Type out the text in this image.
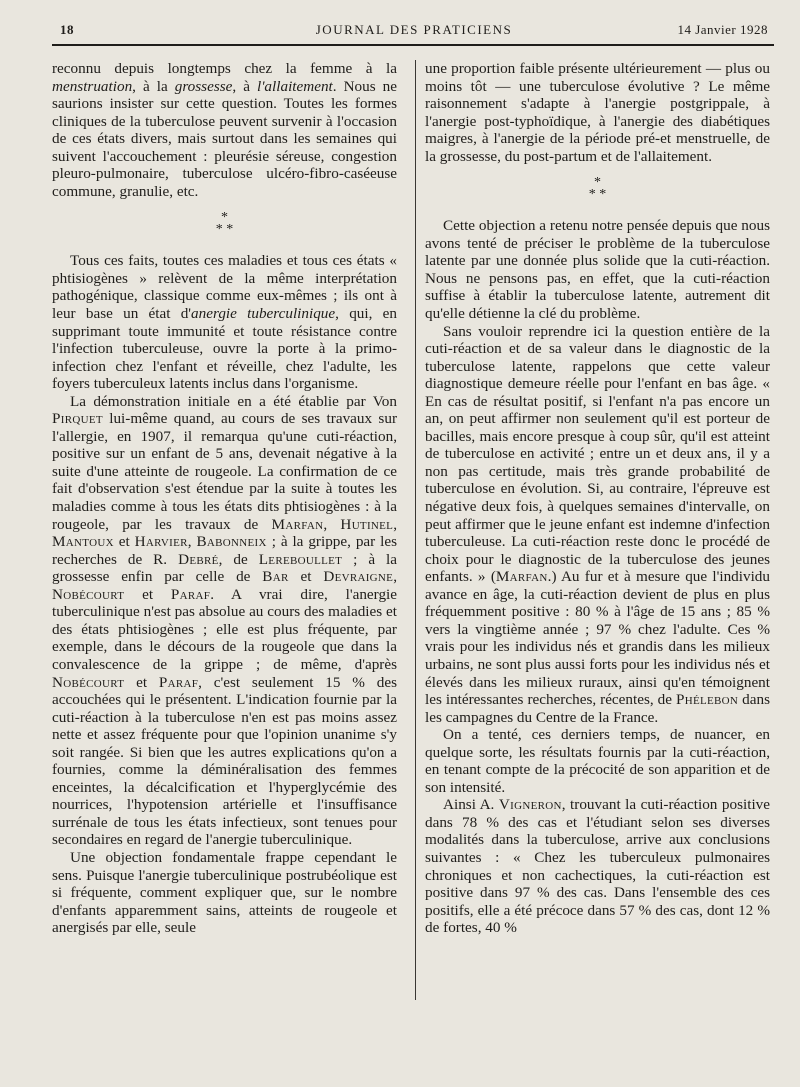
18	JOURNAL DES PRATICIENS	14 Janvier 1928

reconnu depuis longtemps chez la femme à la menstruation, à la grossesse, à l'allaitement. Nous ne saurions insister sur cette question. Toutes les formes cliniques de la tuberculose peuvent survenir à l'occasion de ces états divers, mais surtout dans les semaines qui suivent l'accouchement : pleurésie séreuse, congestion pleuro-pulmonaire, tuberculose ulcéro-fibro-caséeuse commune, granulie, etc.

*
* *

Tous ces faits, toutes ces maladies et tous ces états « phtisiogènes » relèvent de la même interprétation pathogénique, classique comme eux-mêmes ; ils ont à leur base un état d'anergie tuberculinique, qui, en supprimant toute immunité et toute résistance contre l'infection tuberculeuse, ouvre la porte à la primo-infection chez l'enfant et réveille, chez l'adulte, les foyers tuberculeux latents inclus dans l'organisme.

La démonstration initiale en a été établie par Von Pirquet lui-même quand, au cours de ses travaux sur l'allergie, en 1907, il remarqua qu'une cuti-réaction, positive sur un enfant de 5 ans, devenait négative à la suite d'une atteinte de rougeole. La confirmation de ce fait d'observation s'est étendue par la suite à toutes les maladies comme à tous les états dits phtisiogènes : à la rougeole, par les travaux de Marfan, Hutinel, Mantoux et Harvier, Babonneix ; à la grippe, par les recherches de R. Debré, de Lereboullet ; à la grossesse enfin par celle de Bar et Devraigne, Nobécourt et Paraf. A vrai dire, l'anergie tuberculinique n'est pas absolue au cours des maladies et des états phtisiogènes ; elle est plus fréquente, par exemple, dans le décours de la rougeole que dans la convalescence de la grippe ; de même, d'après Nobécourt et Paraf, c'est seulement 15 % des accouchées qui le présentent. L'indication fournie par la cuti-réaction à la tuberculose n'en est pas moins assez nette et assez fréquente pour que l'opinion unanime s'y soit rangée. Si bien que les autres explications qu'on a fournies, comme la déminéralisation des femmes enceintes, la décalcification et l'hyperglycémie des nourrices, l'hypotension artérielle et l'insuffisance surrénale de tous les états infectieux, sont tenues pour secondaires en regard de l'anergie tuberculinique.

Une objection fondamentale frappe cependant le sens. Puisque l'anergie tuberculinique postrubéolique est si fréquente, comment expliquer que, sur le nombre d'enfants apparemment sains, atteints de rougeole et anergisés par elle, seule

une proportion faible présente ultérieurement — plus ou moins tôt — une tuberculose évolutive ? Le même raisonnement s'adapte à l'anergie postgrippale, à l'anergie post-typhoïdique, à l'anergie des diabétiques maigres, à l'anergie de la période pré-et menstruelle, de la grossesse, du post-partum et de l'allaitement.

*
* *

Cette objection a retenu notre pensée depuis que nous avons tenté de préciser le problème de la tuberculose latente par une donnée plus solide que la cuti-réaction. Nous ne pensons pas, en effet, que la cuti-réaction suffise à établir la tuberculose latente, autrement dit qu'elle détienne la clé du problème.

Sans vouloir reprendre ici la question entière de la cuti-réaction et de sa valeur dans le diagnostic de la tuberculose latente, rappelons que cette valeur diagnostique demeure réelle pour l'enfant en bas âge. « En cas de résultat positif, si l'enfant n'a pas encore un an, on peut affirmer non seulement qu'il est porteur de bacilles, mais encore presque à coup sûr, qu'il est atteint de tuberculose en activité ; entre un et deux ans, il y a non pas certitude, mais très grande probabilité de tuberculose en évolution. Si, au contraire, l'épreuve est négative deux fois, à quelques semaines d'intervalle, on peut affirmer que le jeune enfant est indemne d'infection tuberculeuse. La cuti-réaction reste donc le procédé de choix pour le diagnostic de la tuberculose des jeunes enfants. » (Marfan.) Au fur et à mesure que l'individu avance en âge, la cuti-réaction devient de plus en plus fréquemment positive : 80 % à l'âge de 15 ans ; 85 % vers la vingtième année ; 97 % chez l'adulte. Ces % vrais pour les individus nés et grandis dans les milieux urbains, ne sont plus aussi forts pour les individus nés et élevés dans les milieux ruraux, ainsi qu'en témoignent les intéressantes recherches, récentes, de Phélebon dans les campagnes du Centre de la France.

On a tenté, ces derniers temps, de nuancer, en quelque sorte, les résultats fournis par la cuti-réaction, en tenant compte de la précocité de son apparition et de son intensité.

Ainsi A. Vigneron, trouvant la cuti-réaction positive dans 78 % des cas et l'étudiant selon ses diverses modalités dans la tuberculose, arrive aux conclusions suivantes : « Chez les tuberculeux pulmonaires chroniques et non cachectiques, la cuti-réaction est positive dans 97 % des cas. Dans l'ensemble des ces positifs, elle a été précoce dans 57 % des cas, dont 12 % de fortes, 40 %
